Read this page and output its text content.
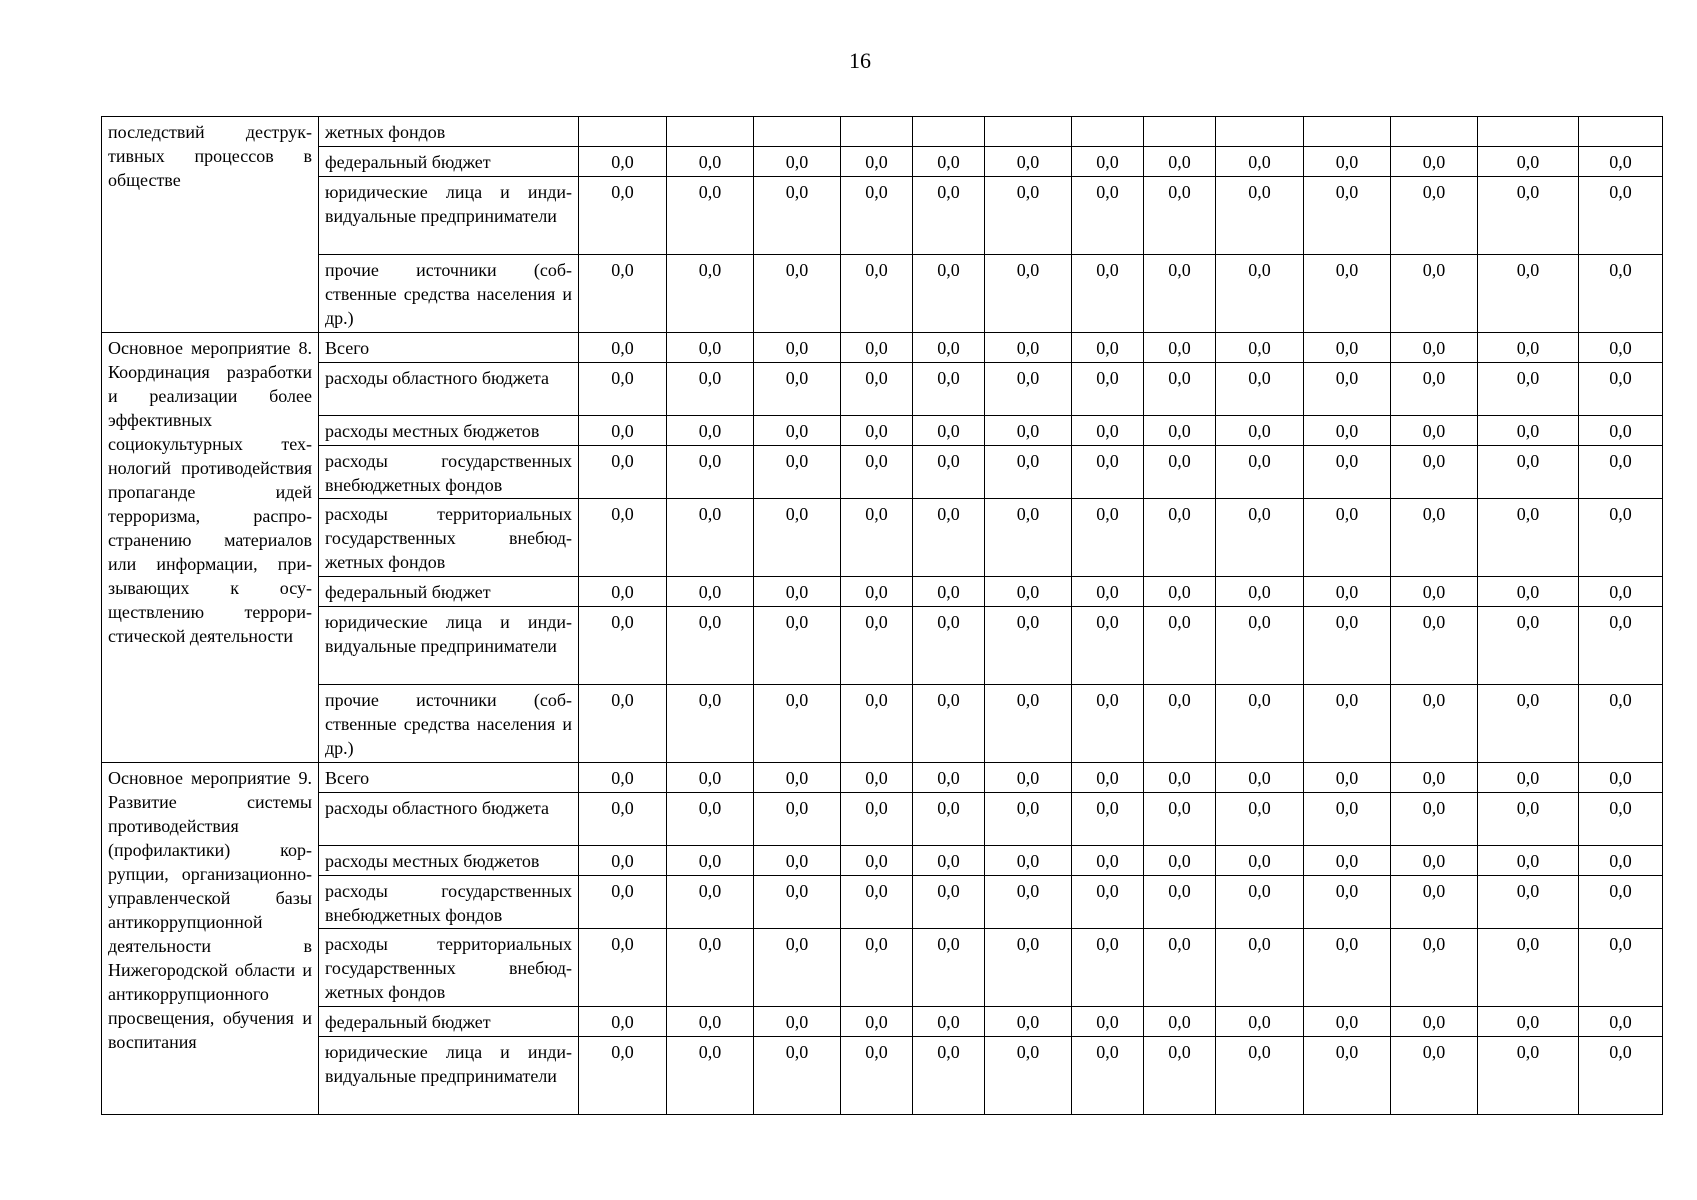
16
последствий деструктивных процессов в обществе	жетных фондов													
	федеральный бюджет	0,0	0,0	0,0	0,0	0,0	0,0	0,0	0,0	0,0	0,0	0,0	0,0	0,0
	юридические лица и индивидуальные предприниматели	0,0	0,0	0,0	0,0	0,0	0,0	0,0	0,0	0,0	0,0	0,0	0,0	0,0
	прочие источники (собственные средства населения и др.)	0,0	0,0	0,0	0,0	0,0	0,0	0,0	0,0	0,0	0,0	0,0	0,0	0,0
Основное мероприятие 8. Координация разработки и реализации более эффективных социокультурных технологий противодействия пропаганде идей терроризма, распространению материалов или информации, призывающих к осуществлению террористической деятельности	Всего	0,0	0,0	0,0	0,0	0,0	0,0	0,0	0,0	0,0	0,0	0,0	0,0	0,0
	расходы областного бюджета	0,0	0,0	0,0	0,0	0,0	0,0	0,0	0,0	0,0	0,0	0,0	0,0	0,0
	расходы местных бюджетов	0,0	0,0	0,0	0,0	0,0	0,0	0,0	0,0	0,0	0,0	0,0	0,0	0,0
	расходы государственных внебюджетных фондов	0,0	0,0	0,0	0,0	0,0	0,0	0,0	0,0	0,0	0,0	0,0	0,0	0,0
	расходы территориальных государственных внебюджетных фондов	0,0	0,0	0,0	0,0	0,0	0,0	0,0	0,0	0,0	0,0	0,0	0,0	0,0
	федеральный бюджет	0,0	0,0	0,0	0,0	0,0	0,0	0,0	0,0	0,0	0,0	0,0	0,0	0,0
	юридические лица и индивидуальные предприниматели	0,0	0,0	0,0	0,0	0,0	0,0	0,0	0,0	0,0	0,0	0,0	0,0	0,0
	прочие источники (собственные средства населения и др.)	0,0	0,0	0,0	0,0	0,0	0,0	0,0	0,0	0,0	0,0	0,0	0,0	0,0
Основное мероприятие 9. Развитие системы противодействия (профилактики) коррупции, организационно-управленческой базы антикоррупционной деятельности в Нижегородской области и антикоррупционного просвещения, обучения и воспитания	Всего	0,0	0,0	0,0	0,0	0,0	0,0	0,0	0,0	0,0	0,0	0,0	0,0	0,0
	расходы областного бюджета	0,0	0,0	0,0	0,0	0,0	0,0	0,0	0,0	0,0	0,0	0,0	0,0	0,0
	расходы местных бюджетов	0,0	0,0	0,0	0,0	0,0	0,0	0,0	0,0	0,0	0,0	0,0	0,0	0,0
	расходы государственных внебюджетных фондов	0,0	0,0	0,0	0,0	0,0	0,0	0,0	0,0	0,0	0,0	0,0	0,0	0,0
	расходы территориальных государственных внебюджетных фондов	0,0	0,0	0,0	0,0	0,0	0,0	0,0	0,0	0,0	0,0	0,0	0,0	0,0
	федеральный бюджет	0,0	0,0	0,0	0,0	0,0	0,0	0,0	0,0	0,0	0,0	0,0	0,0	0,0
	юридические лица и индивидуальные предприниматели	0,0	0,0	0,0	0,0	0,0	0,0	0,0	0,0	0,0	0,0	0,0	0,0	0,0
